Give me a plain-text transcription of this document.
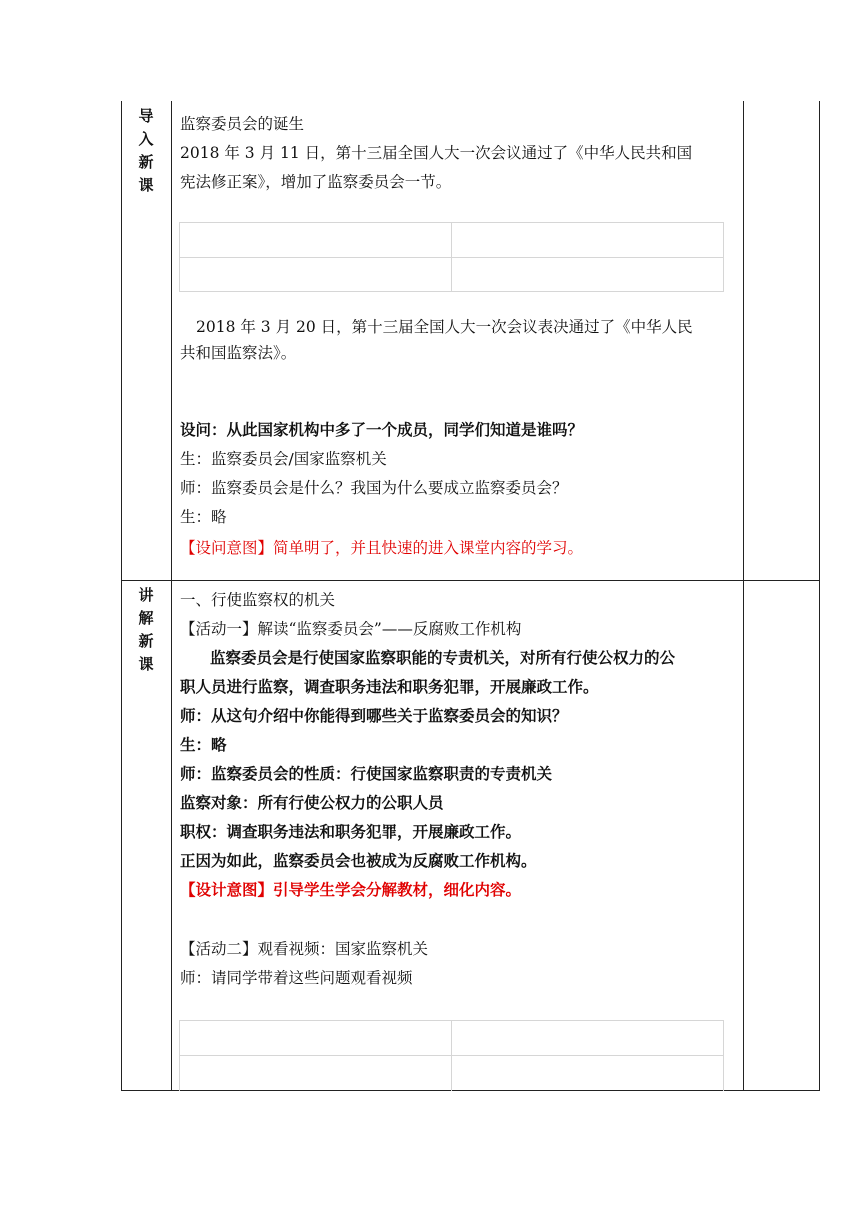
导
入
新
课
监察委员会的诞生
2018 年 3 月 11 日，第十三届全国人大一次会议通过了《中华人民共和国
宪法修正案》，增加了监察委员会一节。
2018 年 3 月 20 日，第十三届全国人大一次会议表决通过了《中华人民
共和国监察法》。
设问：从此国家机构中多了一个成员，同学们知道是谁吗？
生：监察委员会/国家监察机关
师：监察委员会是什么？我国为什么要成立监察委员会？
生：略
【设问意图】简单明了，并且快速的进入课堂内容的学习。
讲
解
新
课
一、行使监察权的机关
【活动一】解读“监察委员会”——反腐败工作机构
监察委员会是行使国家监察职能的专责机关，对所有行使公权力的公
职人员进行监察，调查职务违法和职务犯罪，开展廉政工作。
师：从这句介绍中你能得到哪些关于监察委员会的知识？
生：略
师：监察委员会的性质：行使国家监察职责的专责机关
监察对象：所有行使公权力的公职人员
职权：调查职务违法和职务犯罪，开展廉政工作。
正因为如此，监察委员会也被成为反腐败工作机构。
【设计意图】引导学生学会分解教材，细化内容。
【活动二】观看视频：国家监察机关
师：请同学带着这些问题观看视频
